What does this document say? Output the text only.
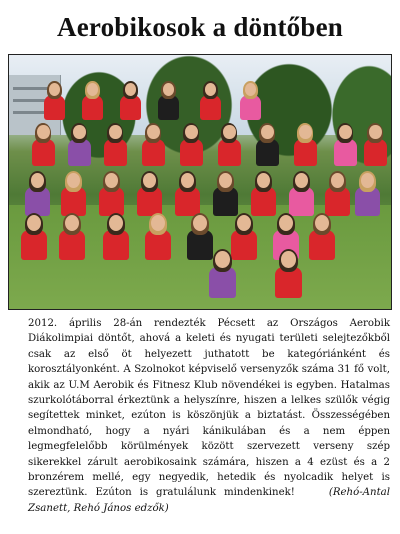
Aerobikosok a döntőben

2012. április 28-án rendezték Pécsett az Országos Aerobik Diákolimpiai döntőt, ahová a keleti és nyugati területi selejtezőkből csak az első öt helyezett juthatott be kategóriánként és korosztályonként. A Szolnokot képviselő versenyzők száma 31 fő volt, akik az U.M Aerobik és Fitnesz Klub növendékei is egyben. Hatalmas szurkolótáborral érkeztünk a helyszínre, hiszen a lelkes szülők végig segítettek minket, ezúton is köszönjük a biztatást. Összességében elmondható, hogy a nyári kánikulában és a nem éppen legmegfelelőbb körülmények között szervezett verseny szép sikerekkel zárult aerobikosaink számára, hiszen a 4 ezüst és a 2 bronzérem mellé, egy negyedik, hetedik és nyolcadik helyet is szereztünk. Ezúton is gratulálunk mindenkinek!	(Rehó-Antal Zsanett, Rehó János edzők)
